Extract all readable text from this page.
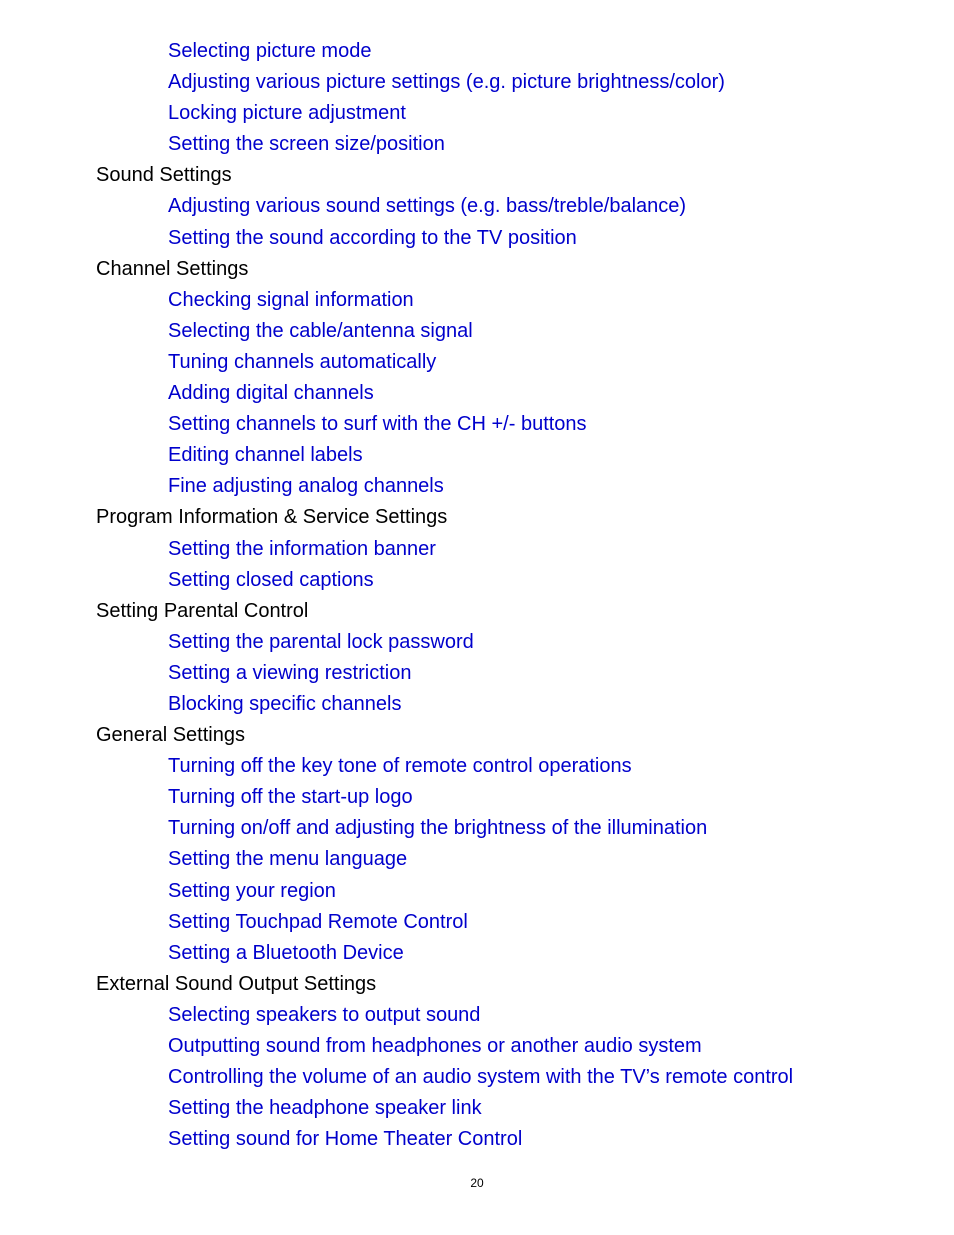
Selecting picture mode
Adjusting various picture settings (e.g. picture brightness/color)
Locking picture adjustment
Setting the screen size/position
Sound Settings
Adjusting various sound settings (e.g. bass/treble/balance)
Setting the sound according to the TV position
Channel Settings
Checking signal information
Selecting the cable/antenna signal
Tuning channels automatically
Adding digital channels
Setting channels to surf with the CH +/- buttons
Editing channel labels
Fine adjusting analog channels
Program Information & Service Settings
Setting the information banner
Setting closed captions
Setting Parental Control
Setting the parental lock password
Setting a viewing restriction
Blocking specific channels
General Settings
Turning off the key tone of remote control operations
Turning off the start-up logo
Turning on/off and adjusting the brightness of the illumination
Setting the menu language
Setting your region
Setting Touchpad Remote Control
Setting a Bluetooth Device
External Sound Output Settings
Selecting speakers to output sound
Outputting sound from headphones or another audio system
Controlling the volume of an audio system with the TV’s remote control
Setting the headphone speaker link
Setting sound for Home Theater Control
20
